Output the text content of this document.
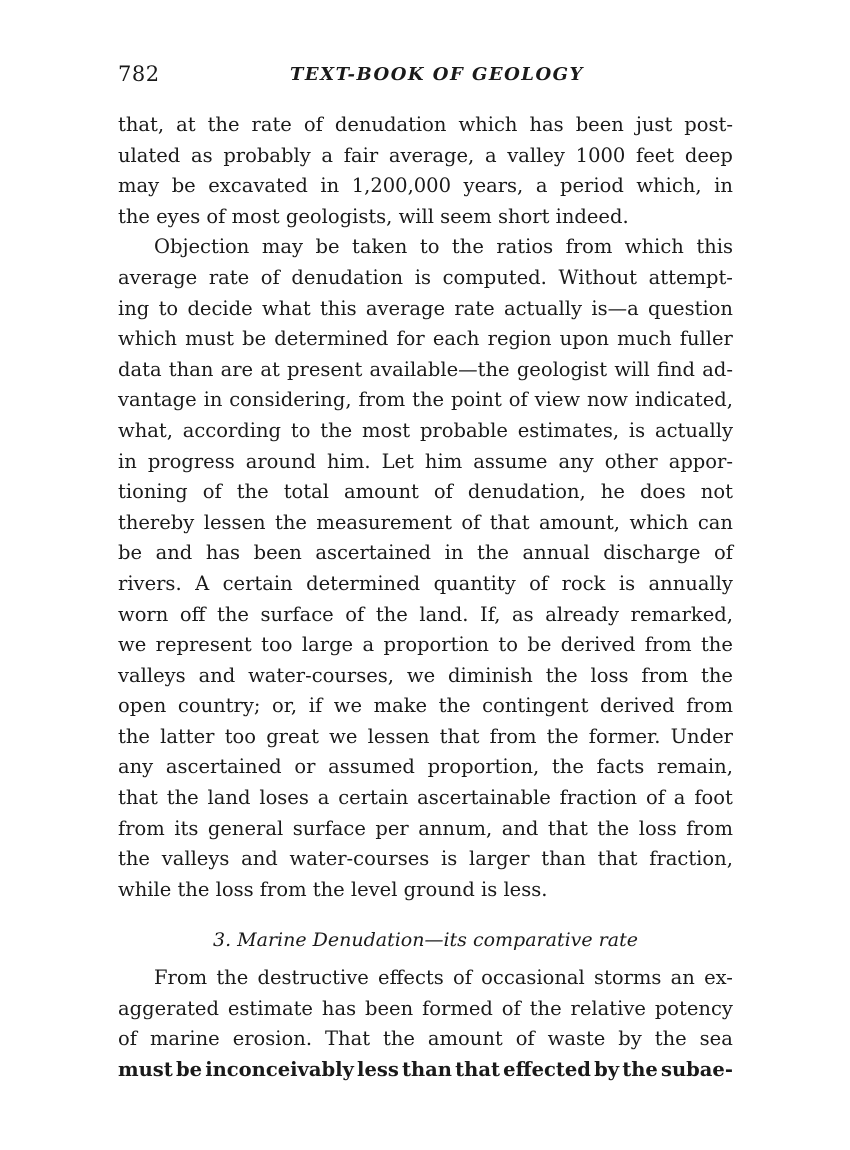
782	TEXT-BOOK OF GEOLOGY
that, at the rate of denudation which has been just post-
ulated as probably a fair average, a valley 1000 feet deep
may be excavated in 1,200,000 years, a period which, in
the eyes of most geologists, will seem short indeed.
Objection may be taken to the ratios from which this
average rate of denudation is computed. Without attempt-
ing to decide what this average rate actually is—a question
which must be determined for each region upon much fuller
data than are at present available—the geologist will find ad-
vantage in considering, from the point of view now indicated,
what, according to the most probable estimates, is actually
in progress around him. Let him assume any other appor-
tioning of the total amount of denudation, he does not
thereby lessen the measurement of that amount, which can
be and has been ascertained in the annual discharge of
rivers. A certain determined quantity of rock is annually
worn off the surface of the land. If, as already remarked,
we represent too large a proportion to be derived from the
valleys and water-courses, we diminish the loss from the
open country; or, if we make the contingent derived from
the latter too great we lessen that from the former. Under
any ascertained or assumed proportion, the facts remain,
that the land loses a certain ascertainable fraction of a foot
from its general surface per annum, and that the loss from
the valleys and water-courses is larger than that fraction,
while the loss from the level ground is less.
3. Marine Denudation—its comparative rate
From the destructive effects of occasional storms an ex-
aggerated estimate has been formed of the relative potency
of marine erosion. That the amount of waste by the sea
must be inconceivably less than that effected by the subae-
